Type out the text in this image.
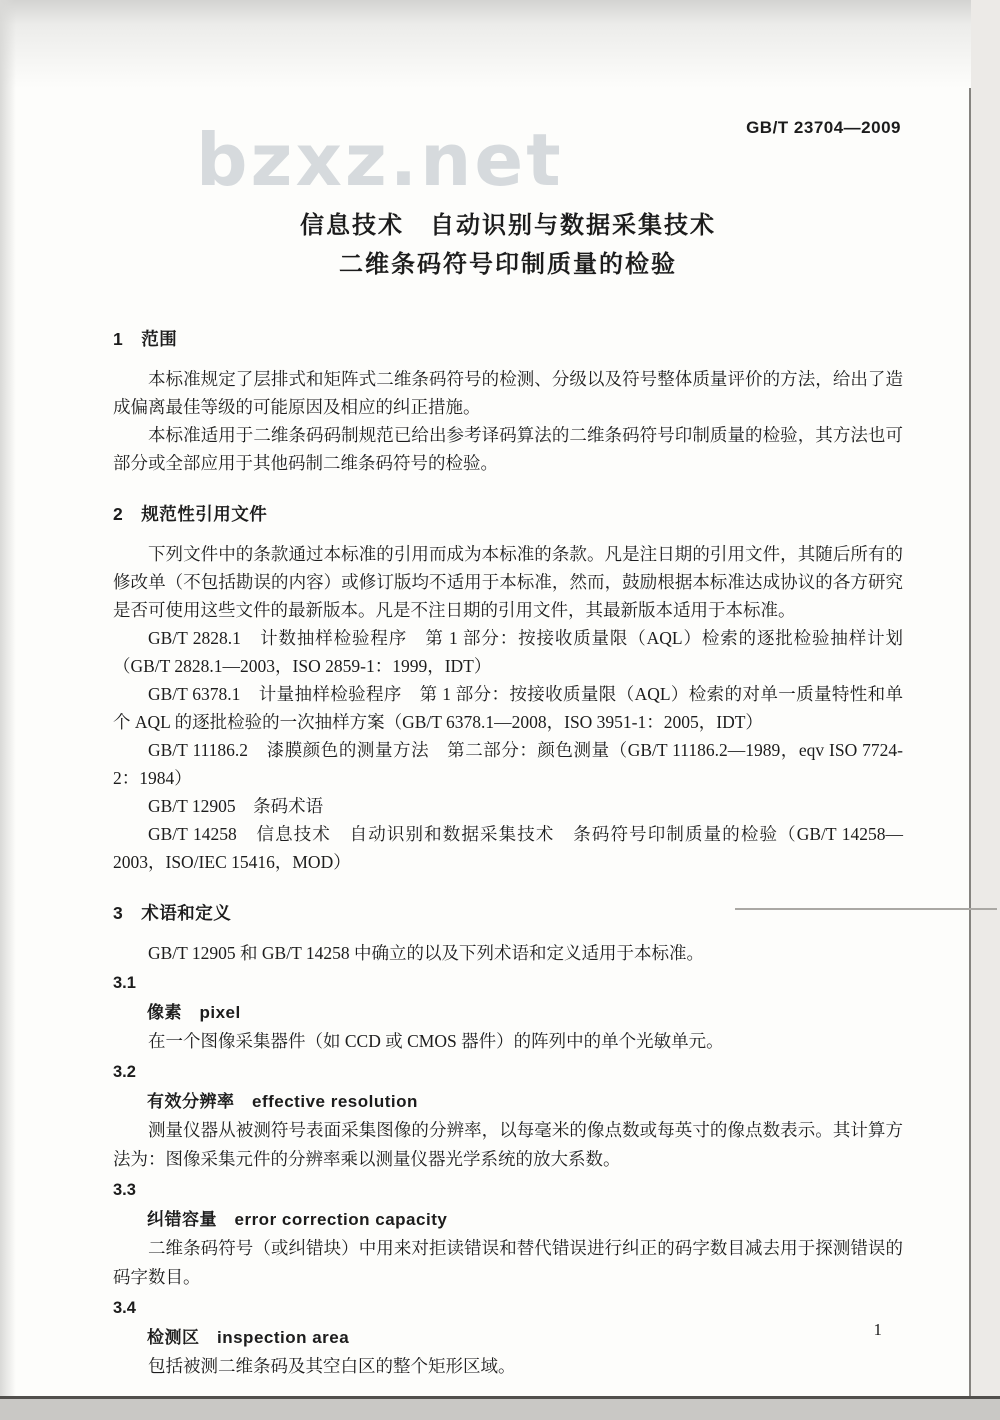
bzxz.net	GB/T 23704—2009
信息技术　自动识别与数据采集技术
二维条码符号印制质量的检验
1　范围

本标准规定了层排式和矩阵式二维条码符号的检测、分级以及符号整体质量评价的方法，给出了造成偏离最佳等级的可能原因及相应的纠正措施。

本标准适用于二维条码码制规范已给出参考译码算法的二维条码符号印制质量的检验，其方法也可部分或全部应用于其他码制二维条码符号的检验。

2　规范性引用文件

下列文件中的条款通过本标准的引用而成为本标准的条款。凡是注日期的引用文件，其随后所有的修改单（不包括勘误的内容）或修订版均不适用于本标准，然而，鼓励根据本标准达成协议的各方研究是否可使用这些文件的最新版本。凡是不注日期的引用文件，其最新版本适用于本标准。

GB/T 2828.1　计数抽样检验程序　第 1 部分：按接收质量限（AQL）检索的逐批检验抽样计划（GB/T 2828.1—2003，ISO 2859-1：1999，IDT）

GB/T 6378.1　计量抽样检验程序　第 1 部分：按接收质量限（AQL）检索的对单一质量特性和单个 AQL 的逐批检验的一次抽样方案（GB/T 6378.1—2008，ISO 3951-1：2005，IDT）

GB/T 11186.2　漆膜颜色的测量方法　第二部分：颜色测量（GB/T 11186.2—1989，eqv ISO 7724-2：1984）

GB/T 12905　条码术语

GB/T 14258　信息技术　自动识别和数据采集技术　条码符号印制质量的检验（GB/T 14258—2003，ISO/IEC 15416，MOD）

3　术语和定义

GB/T 12905 和 GB/T 14258 中确立的以及下列术语和定义适用于本标准。

3.1

像素　pixel

在一个图像采集器件（如 CCD 或 CMOS 器件）的阵列中的单个光敏单元。

3.2

有效分辨率　effective resolution

测量仪器从被测符号表面采集图像的分辨率，以每毫米的像点数或每英寸的像点数表示。其计算方法为：图像采集元件的分辨率乘以测量仪器光学系统的放大系数。

3.3

纠错容量　error correction capacity

二维条码符号（或纠错块）中用来对拒读错误和替代错误进行纠正的码字数目减去用于探测错误的码字数目。

3.4

检测区　inspection area

包括被测二维条码及其空白区的整个矩形区域。

1
